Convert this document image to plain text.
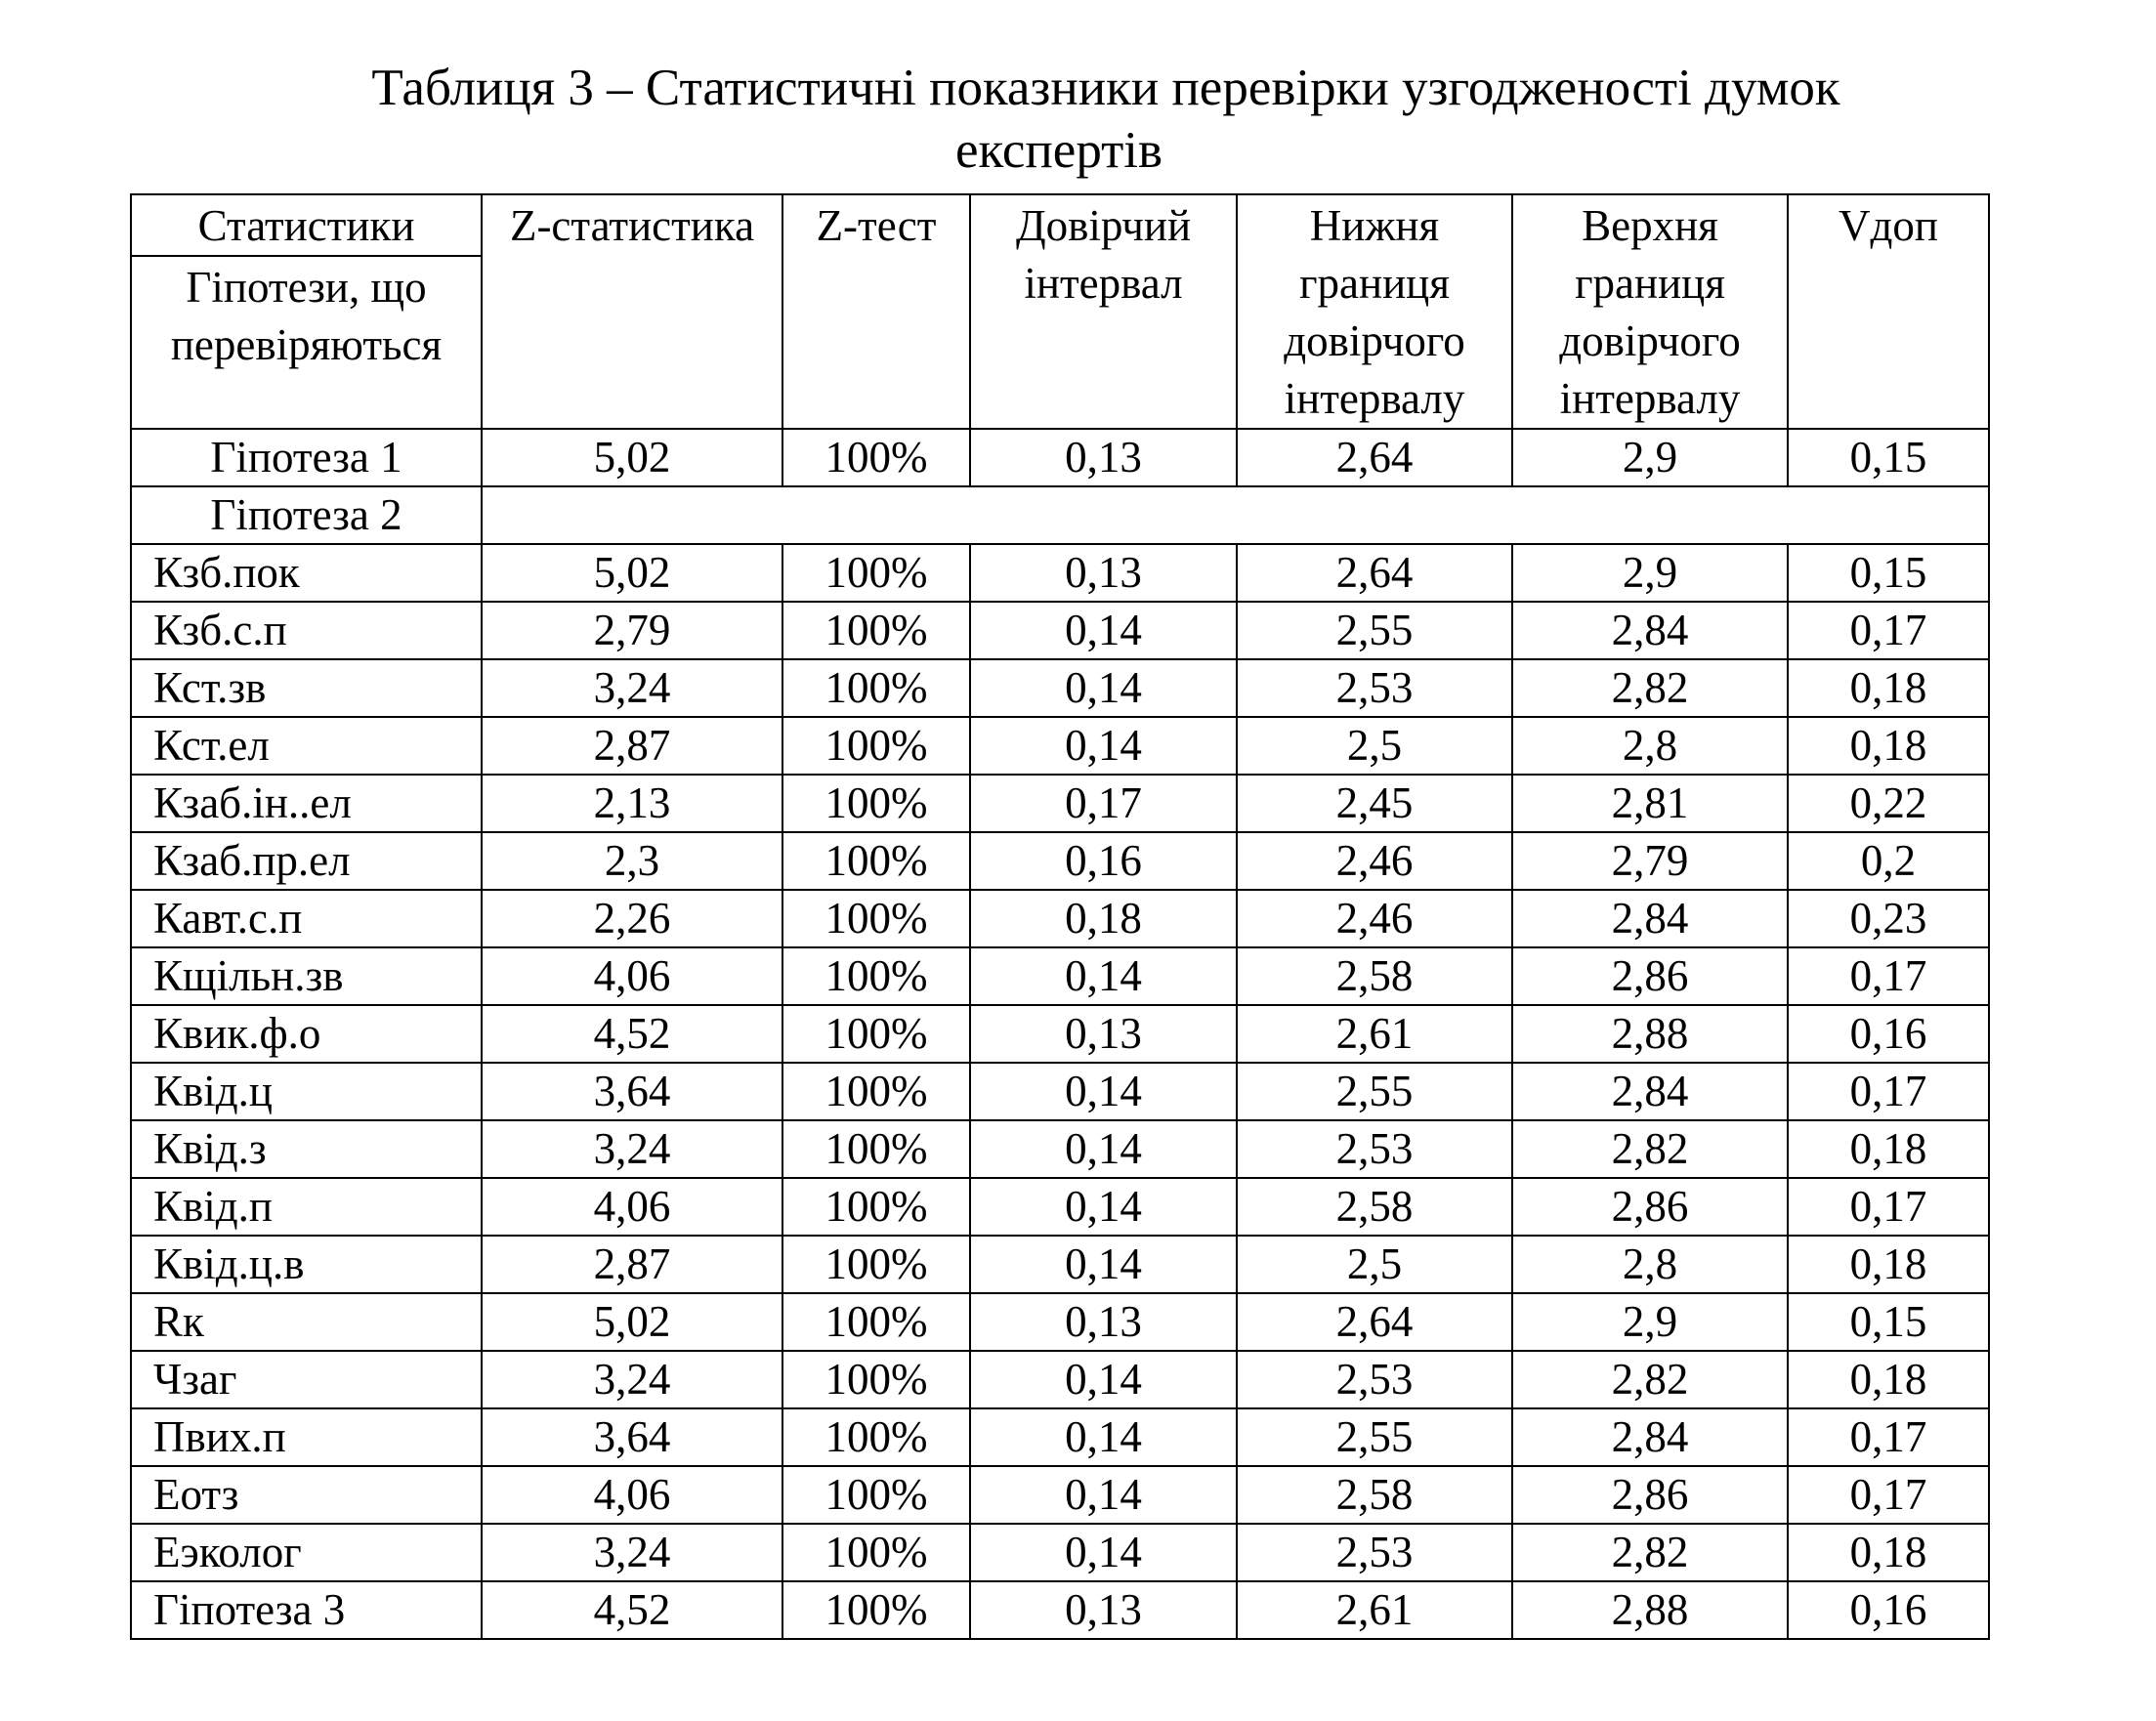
Таблиця 3 – Статистичні показники перевірки узгодженості думок
експертів
Статистики	Z-статистика	Z-тест	Довірчий інтервал	Нижня границя довірчого інтервалу	Верхня границя довірчого інтервалу	Vдоп
Гіпотези, що перевіряються						
Гіпотеза 1	5,02	100%	0,13	2,64	2,9	0,15
Гіпотеза 2						
Кзб.пок	5,02	100%	0,13	2,64	2,9	0,15
Кзб.с.п	2,79	100%	0,14	2,55	2,84	0,17
Кст.зв	3,24	100%	0,14	2,53	2,82	0,18
Кст.ел	2,87	100%	0,14	2,5	2,8	0,18
Кзаб.ін..ел	2,13	100%	0,17	2,45	2,81	0,22
Кзаб.пр.ел	2,3	100%	0,16	2,46	2,79	0,2
Кавт.с.п	2,26	100%	0,18	2,46	2,84	0,23
Кщільн.зв	4,06	100%	0,14	2,58	2,86	0,17
Квик.ф.о	4,52	100%	0,13	2,61	2,88	0,16
Квід.ц	3,64	100%	0,14	2,55	2,84	0,17
Квід.з	3,24	100%	0,14	2,53	2,82	0,18
Квід.п	4,06	100%	0,14	2,58	2,86	0,17
Квід.ц.в	2,87	100%	0,14	2,5	2,8	0,18
Rк	5,02	100%	0,13	2,64	2,9	0,15
Чзаг	3,24	100%	0,14	2,53	2,82	0,18
Пвих.п	3,64	100%	0,14	2,55	2,84	0,17
Еотз	4,06	100%	0,14	2,58	2,86	0,17
Еэколог	3,24	100%	0,14	2,53	2,82	0,18
Гіпотеза 3	4,52	100%	0,13	2,61	2,88	0,16
